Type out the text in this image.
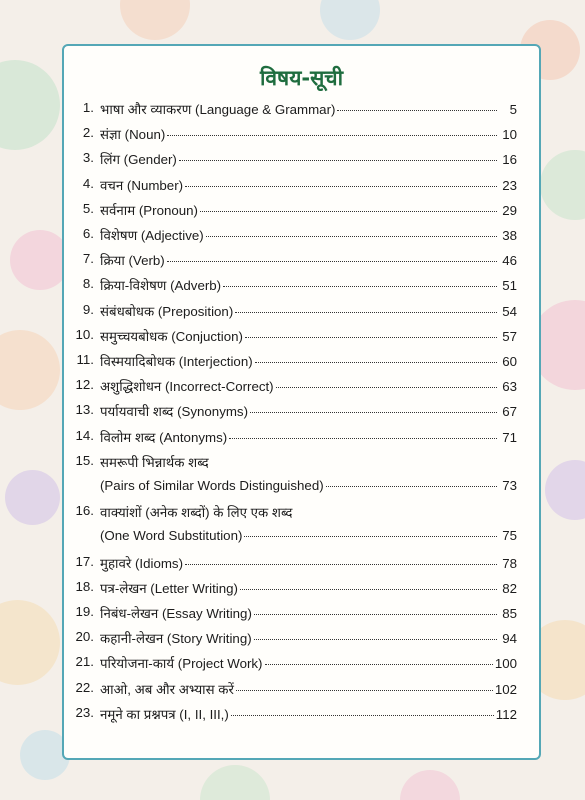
विषय-सूची
1. भाषा और व्याकरण (Language & Grammar)	5
2. संज्ञा (Noun)	10
3. लिंग (Gender)	16
4. वचन (Number)	23
5. सर्वनाम (Pronoun)	29
6. विशेषण (Adjective)	38
7. क्रिया (Verb)	46
8. क्रिया-विशेषण (Adverb)	51
9. संबंधबोधक (Preposition)	54
10. समुच्चयबोधक (Conjuction)	57
11. विस्मयादिबोधक (Interjection)	60
12. अशुद्धिशोधन (Incorrect-Correct)	63
13. पर्यायवाची शब्द (Synonyms)	67
14. विलोम शब्द (Antonyms)	71
15. समरूपी भिन्नार्थक शब्द
(Pairs of Similar Words Distinguished)	73
16. वाक्यांशों (अनेक शब्दों) के लिए एक शब्द
(One Word Substitution)	75
17. मुहावरे (Idioms)	78
18. पत्र-लेखन (Letter Writing)	82
19. निबंध-लेखन (Essay Writing)	85
20. कहानी-लेखन (Story Writing)	94
21. परियोजना-कार्य (Project Work)	100
22. आओ, अब और अभ्यास करें	102
23. नमूने का प्रश्नपत्र (I, II, III,)	112
